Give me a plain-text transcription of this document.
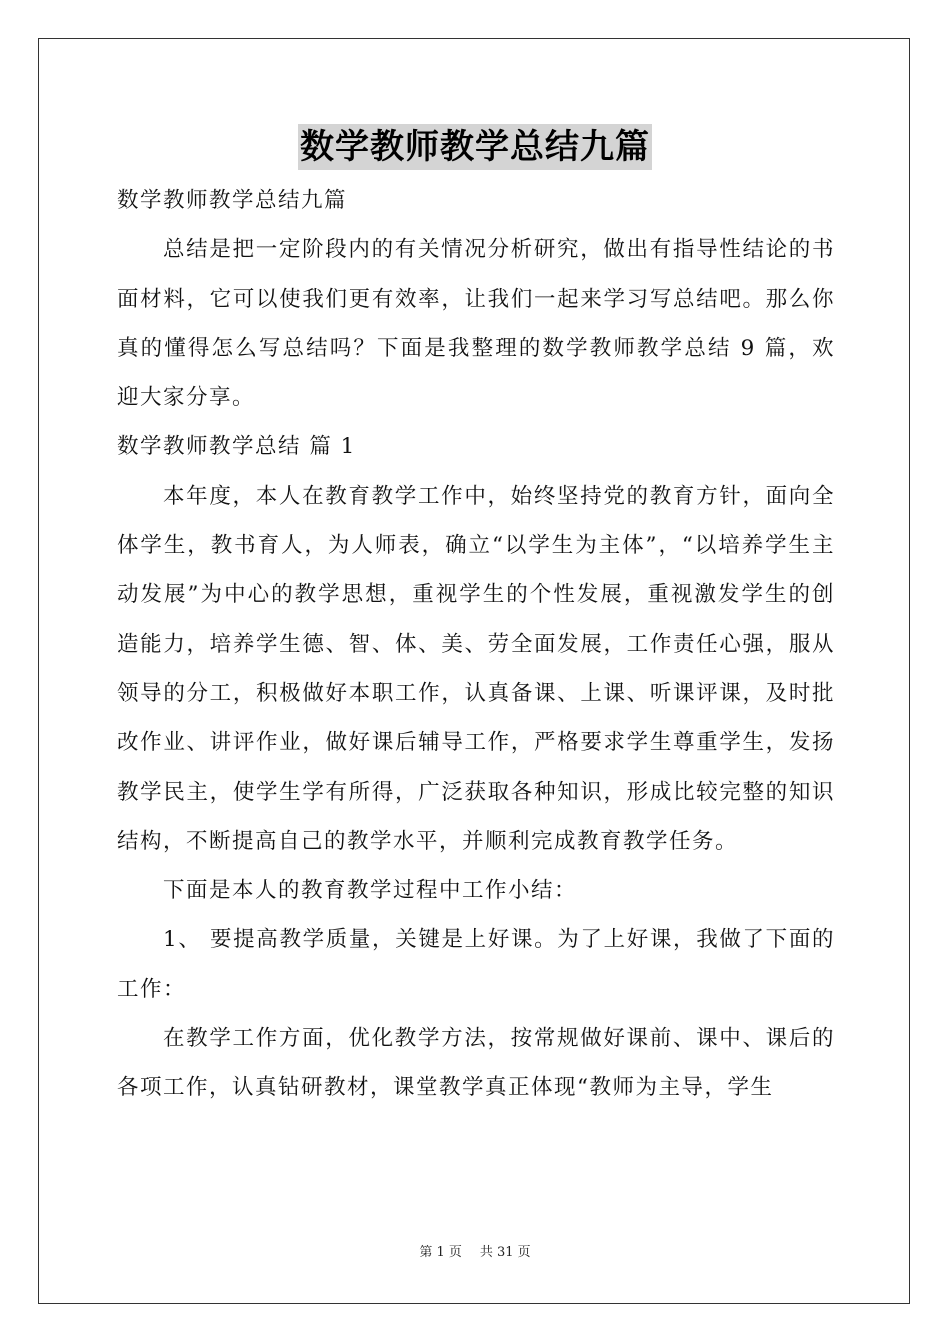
数学教师教学总结九篇

数学教师教学总结九篇

总结是把一定阶段内的有关情况分析研究，做出有指导性结论的书面材料，它可以使我们更有效率，让我们一起来学习写总结吧。那么你真的懂得怎么写总结吗？下面是我整理的数学教师教学总结 9 篇，欢迎大家分享。

数学教师教学总结 篇 1

本年度，本人在教育教学工作中，始终坚持党的教育方针，面向全体学生，教书育人，为人师表，确立“以学生为主体”，“以培养学生主动发展”为中心的教学思想，重视学生的个性发展，重视激发学生的创造能力，培养学生德、智、体、美、劳全面发展，工作责任心强，服从领导的分工，积极做好本职工作，认真备课、上课、听课评课，及时批改作业、讲评作业，做好课后辅导工作，严格要求学生尊重学生，发扬教学民主，使学生学有所得，广泛获取各种知识，形成比较完整的知识结构，不断提高自己的教学水平，并顺利完成教育教学任务。

下面是本人的教育教学过程中工作小结：

1、 要提高教学质量，关键是上好课。为了上好课，我做了下面的工作：

在教学工作方面，优化教学方法，按常规做好课前、课中、课后的各项工作，认真钻研教材，课堂教学真正体现“教师为主导，学生

第 1 页 共 31 页
